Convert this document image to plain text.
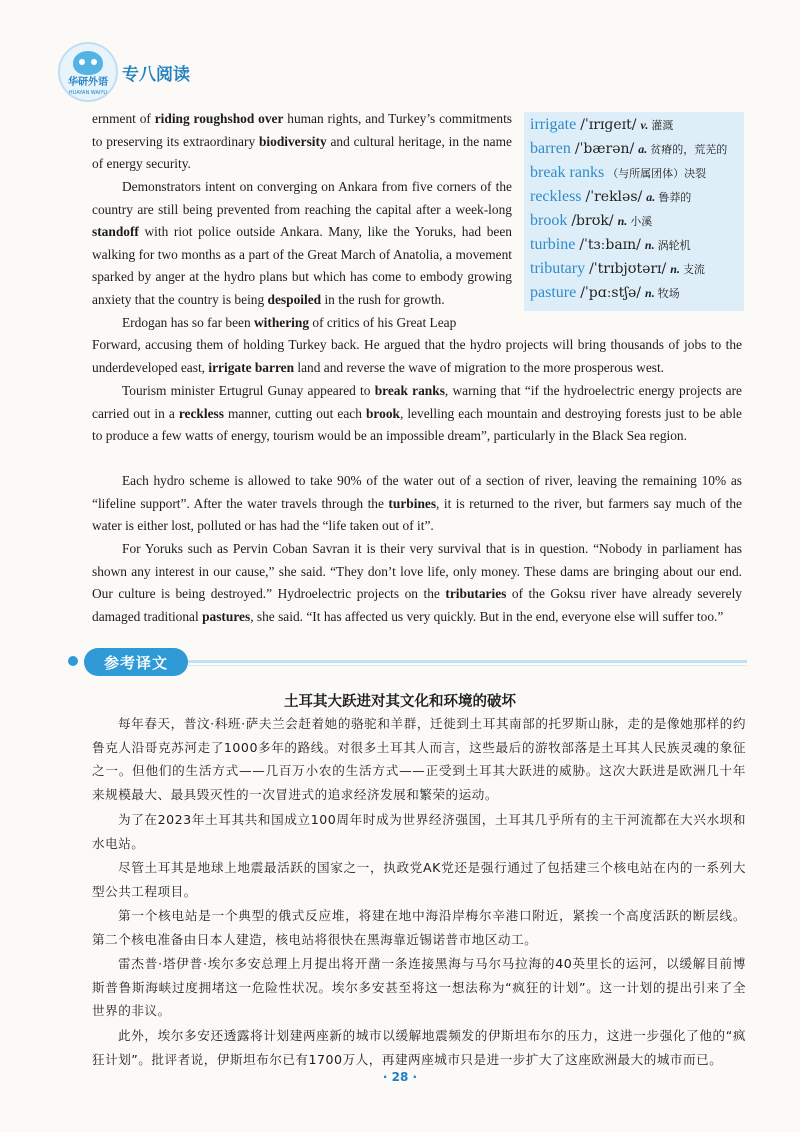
华研外语
HUAYAN WAIYU
专八阅读

ernment of riding roughshod over human rights, and Turkey’s commitments to preserving its extraordinary biodiversity and cultural heritage, in the name of energy security.

Demonstrators intent on converging on Ankara from five corners of the country are still being prevented from reaching the capital after a week-long standoff with riot police outside Ankara. Many, like the Yoruks, had been walking for two months as a part of the Great March of Anatolia, a movement sparked by anger at the hydro plans but which has come to embody growing anxiety that the country is being despoiled in the rush for growth.

Erdogan has so far been withering of critics of his Great Leap

Forward, accusing them of holding Turkey back. He argued that the hydro projects will bring thousands of jobs to the underdeveloped east, irrigate barren land and reverse the wave of migration to the more prosperous west.

Tourism minister Ertugrul Gunay appeared to break ranks, warning that “if the hydroelectric energy projects are carried out in a reckless manner, cutting out each brook, levelling each mountain and destroying forests just to be able to produce a few watts of energy, tourism would be an impossible dream”, particularly in the Black Sea region.

Each hydro scheme is allowed to take 90% of the water out of a section of river, leaving the remaining 10% as “lifeline support”. After the water travels through the turbines, it is returned to the river, but farmers say much of the water is either lost, polluted or has had the “life taken out of it”.

For Yoruks such as Pervin Coban Savran it is their very survival that is in question. “Nobody in parliament has shown any interest in our cause,” she said. “They don’t love life, only money. These dams are bringing about our end. Our culture is being destroyed.” Hydroelectric projects on the tributaries of the Goksu river have already severely damaged traditional pastures, she said. “It has affected us very quickly. But in the end, everyone else will suffer too.”

irrigate /ˈɪrɪɡeɪt/ v. 灌溉
barren /ˈbærən/ a. 贫瘠的，荒芜的
break ranks （与所属团体）决裂
reckless /ˈrekləs/ a. 鲁莽的
brook /brʊk/ n. 小溪
turbine /ˈtɜːbaɪn/ n. 涡轮机
tributary /ˈtrɪbjʊtərɪ/ n. 支流
pasture /ˈpɑːstʃə/ n. 牧场
参考译文
土耳其大跃进对其文化和环境的破坏

每年春天，普汶·科班·萨夫兰会赶着她的骆驼和羊群，迁徙到土耳其南部的托罗斯山脉，走的是像她那样的约鲁克人沿哥克苏河走了1000多年的路线。对很多土耳其人而言，这些最后的游牧部落是土耳其人民族灵魂的象征之一。但他们的生活方式——几百万小农的生活方式——正受到土耳其大跃进的威胁。这次大跃进是欧洲几十年来规模最大、最具毁灭性的一次冒进式的追求经济发展和繁荣的运动。

为了在2023年土耳其共和国成立100周年时成为世界经济强国，土耳其几乎所有的主干河流都在大兴水坝和水电站。

尽管土耳其是地球上地震最活跃的国家之一，执政党AK党还是强行通过了包括建三个核电站在内的一系列大型公共工程项目。

第一个核电站是一个典型的俄式反应堆，将建在地中海沿岸梅尔辛港口附近，紧挨一个高度活跃的断层线。第二个核电准备由日本人建造，核电站将很快在黑海靠近锡诺普市地区动工。

雷杰普·塔伊普·埃尔多安总理上月提出将开凿一条连接黑海与马尔马拉海的40英里长的运河，以缓解目前博斯普鲁斯海峡过度拥堵这一危险性状况。埃尔多安甚至将这一想法称为“疯狂的计划”。这一计划的提出引来了全世界的非议。

此外，埃尔多安还透露将计划建两座新的城市以缓解地震频发的伊斯坦布尔的压力，这进一步强化了他的“疯狂计划”。批评者说，伊斯坦布尔已有1700万人，再建两座城市只是进一步扩大了这座欧洲最大的城市而已。

· 28 ·
